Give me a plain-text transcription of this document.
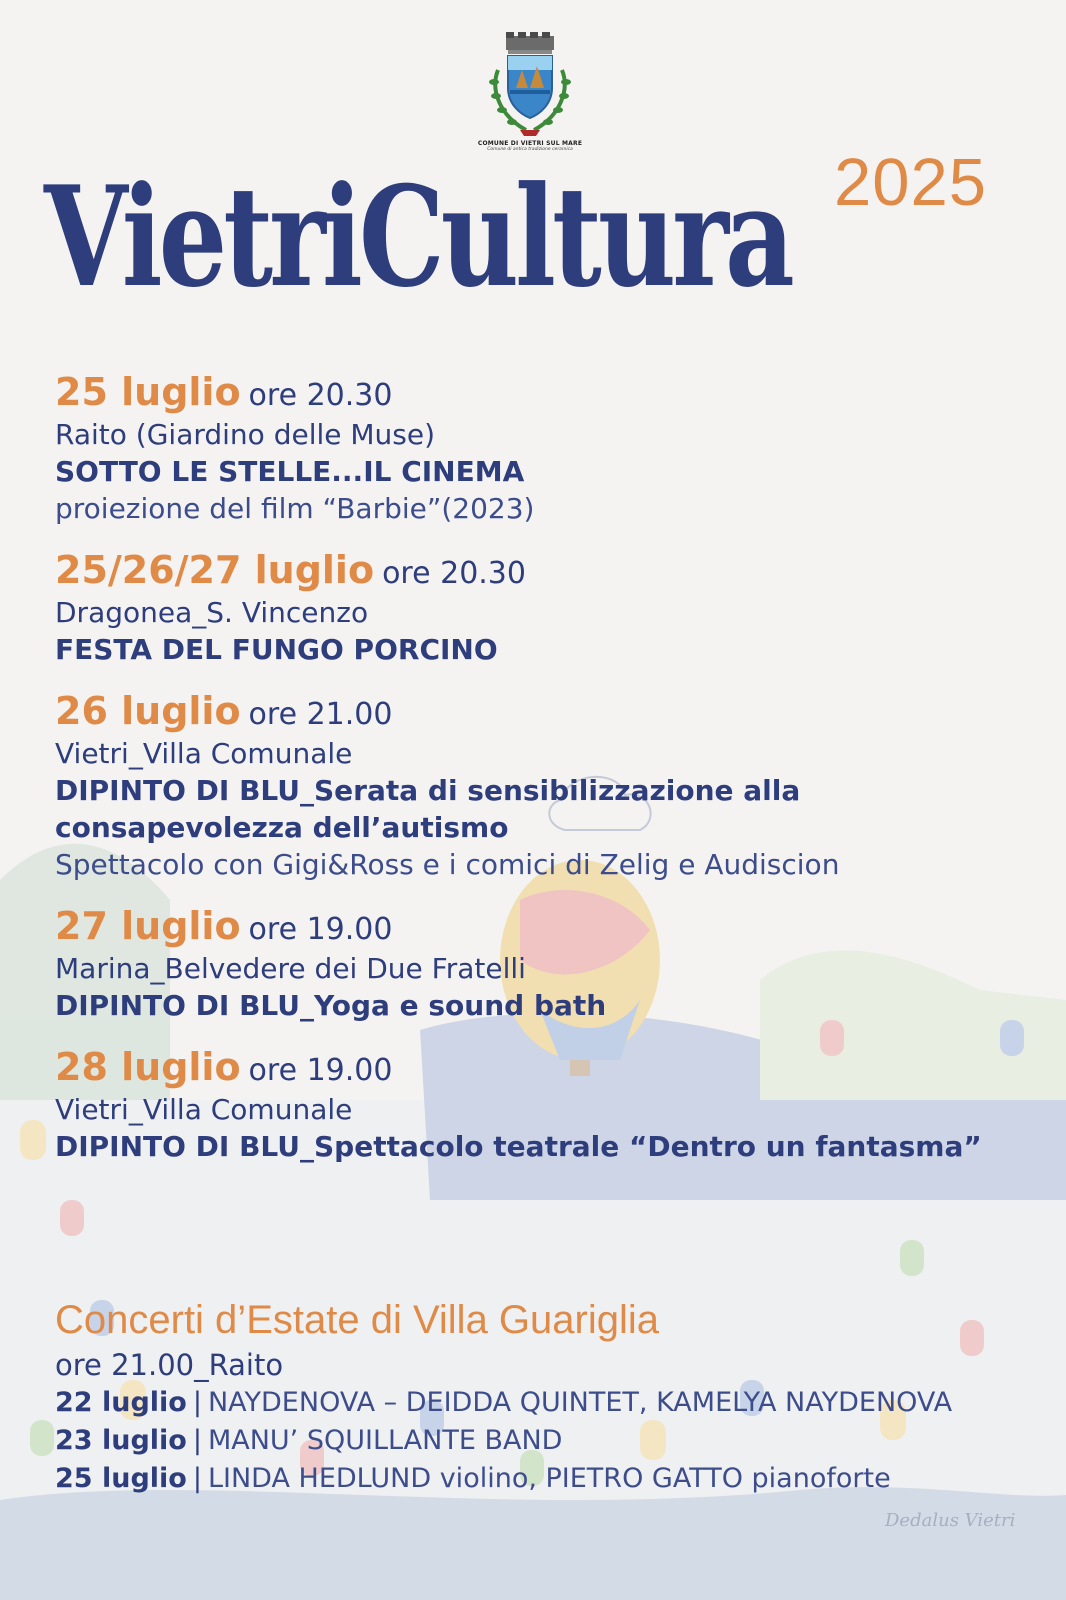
COMUNE DI VIETRI SUL MARE
Comune di antica tradizione ceramica	2025
VietriCultura
25 luglio ore 20.30
Raito (Giardino delle Muse)
SOTTO LE STELLE...IL CINEMA
proiezione del film “Barbie”(2023)
25/26/27 luglio ore 20.30
Dragonea_S. Vincenzo
FESTA DEL FUNGO PORCINO
26 luglio ore 21.00
Vietri_Villa Comunale
DIPINTO DI BLU_Serata di sensibilizzazione alla consapevolezza dell’autismo
Spettacolo con Gigi&Ross e i comici di Zelig e Audiscion
27 luglio ore 19.00
Marina_Belvedere dei Due Fratelli
DIPINTO DI BLU_Yoga e sound bath
28 luglio ore 19.00
Vietri_Villa Comunale
DIPINTO DI BLU_Spettacolo teatrale “Dentro un fantasma”
Concerti d’Estate di Villa Guariglia
ore 21.00_Raito
22 luglio | NAYDENOVA – DEIDDA QUINTET, KAMELYA NAYDENOVA
23 luglio | MANU’ SQUILLANTE BAND
25 luglio | LINDA HEDLUND violino, PIETRO GATTO pianoforte
Dedalus Vietri
